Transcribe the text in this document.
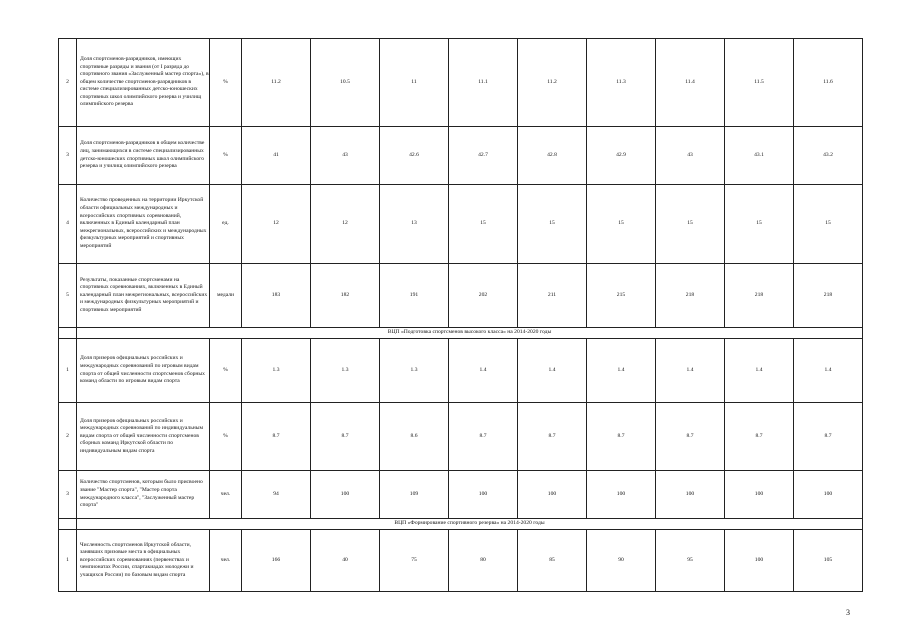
2	Доля спортсменов-разрядников, имеющих спортивные разряды и звания (от I разряда до спортивного звания «Заслуженный мастер спорта»), в общем количестве спортсменов-разрядников в системе специализированных детско-юношеских спортивных школ олимпийского резерва и училищ олимпийского резерва	%	11.2	10.5	11	11.1	11.2	11.3	11.4	11.5	11.6
3	Доля спортсменов-разрядников в общем количестве лиц, занимающихся в системе специализированных детско-юношеских спортивных школ олимпийского резерва и училищ олимпийского резерва	%	41	43	42.6	42.7	42.8	42.9	43	43.1	43.2
4	Количество проведенных на территории Иркутской области официальных международных и всероссийских спортивных соревнований, включенных в Единый календарный план межрегиональных, всероссийских и международных физкультурных мероприятий и спортивных мероприятий	ед.	12	12	13	15	15	15	15	15	15
5	Результаты, показанные спортсменами на спортивных соревнованиях, включенных в Единый календарный план межрегиональных, всероссийских и международных физкультурных мероприятий и спортивных мероприятий	медали	183	182	191	202	211	215	218	218	218
	ВЦП «Подготовка спортсменов высокого класса» на 2014-2020 годы										
1	Доля призеров официальных российских и международных соревнований по игровым видам спорта от общей численности спортсменов сборных команд области по игровым видам спорта	%	1.3	1.3	1.3	1.4	1.4	1.4	1.4	1.4	1.4
2	Доля призеров официальных российских и международных соревнований по индивидуальным видам спорта от общей численности спортсменов сборных команд Иркутской области по индивидуальным видам спорта	%	8.7	8.7	8.6	8.7	8.7	8.7	8.7	8.7	8.7
3	Количество спортсменов, которым было присвоено звание "Мастер спорта", "Мастер спорта международного класса", "Заслуженный мастер спорта"	чел.	94	100	109	100	100	100	100	100	100
	ВЦП «Формирование спортивного резерва» на 2014-2020 годы										
1	Численность спортсменов Иркутской области, занявших призовые места в официальных всероссийских соревнованиях (первенствах и чемпионатах России, спартакиадах молодежи и учащихся России) по базовым видам спорта	чел.	166	40	75	80	85	90	95	100	105
3
